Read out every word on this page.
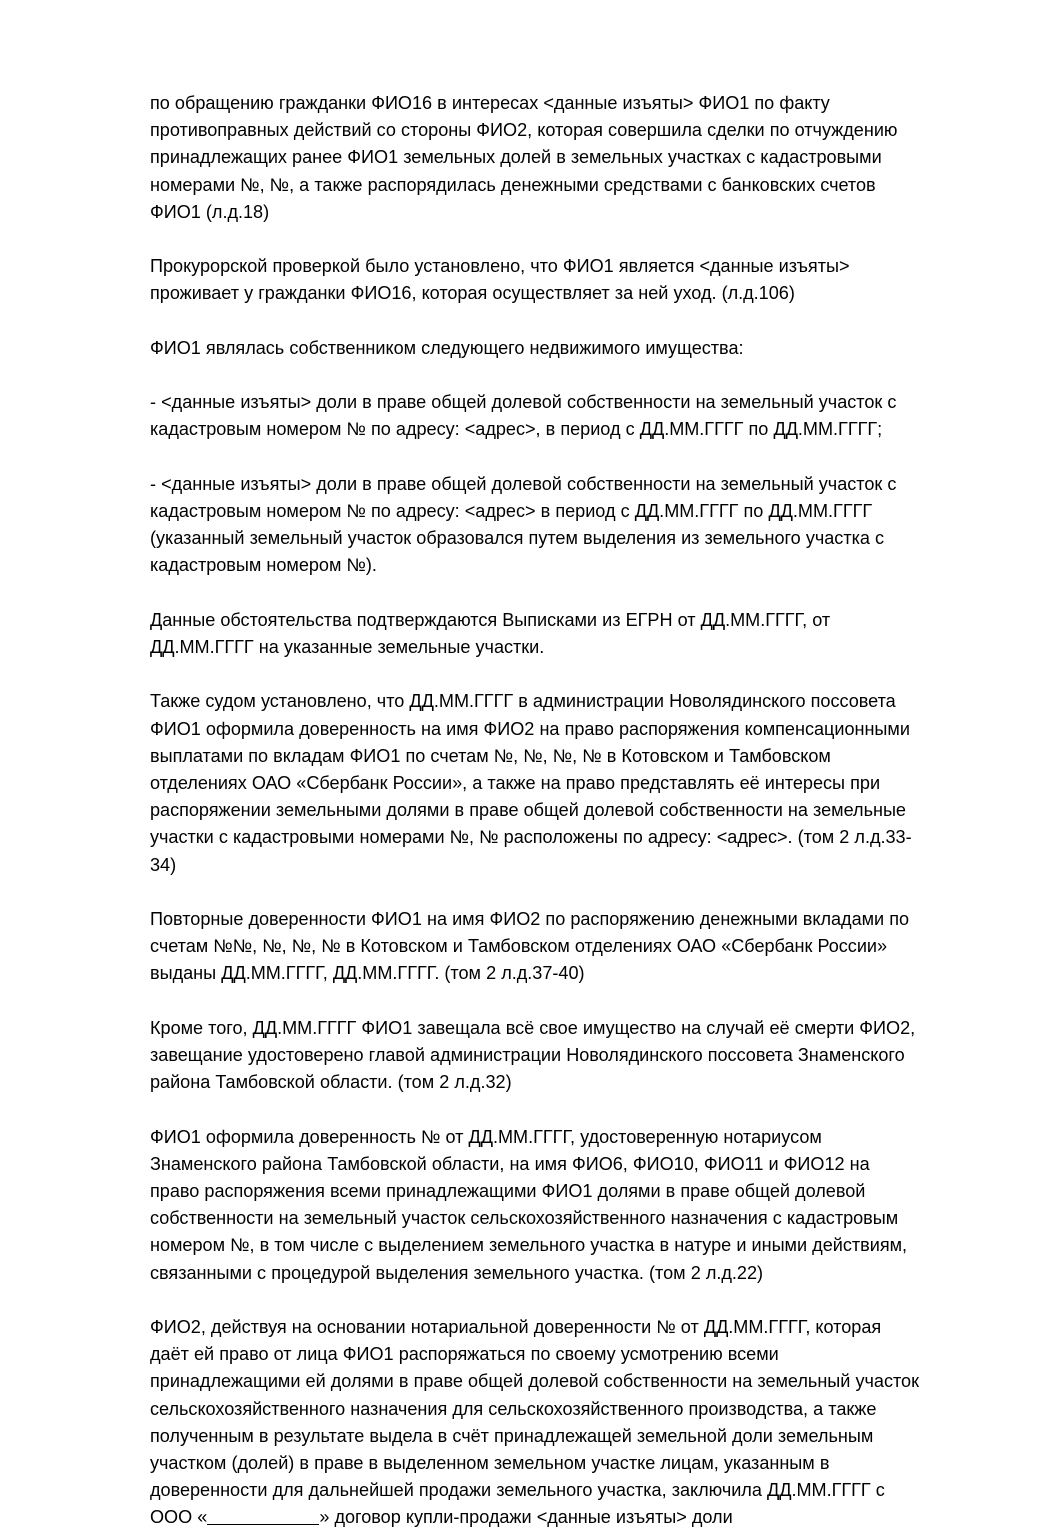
по обращению гражданки ФИО16 в интересах <данные изъяты> ФИО1 по факту противоправных действий со стороны ФИО2, которая совершила сделки по отчуждению принадлежащих ранее ФИО1 земельных долей в земельных участках с кадастровыми номерами №, №, а также распорядилась денежными средствами с банковских счетов ФИО1 (л.д.18)

Прокурорской проверкой было установлено, что ФИО1 является <данные изъяты> проживает у гражданки ФИО16, которая осуществляет за ней уход. (л.д.106)

ФИО1 являлась собственником следующего недвижимого имущества:

- <данные изъяты> доли в праве общей долевой собственности на земельный участок с кадастровым номером № по адресу: <адрес>, в период с ДД.ММ.ГГГГ по ДД.ММ.ГГГГ;

- <данные изъяты> доли в праве общей долевой собственности на земельный участок с кадастровым номером № по адресу: <адрес> в период с ДД.ММ.ГГГГ по ДД.ММ.ГГГГ (указанный земельный участок образовался путем выделения из земельного участка с кадастровым номером №).

Данные обстоятельства подтверждаются Выписками из ЕГРН от ДД.ММ.ГГГГ, от ДД.ММ.ГГГГ на указанные земельные участки.

Также судом установлено, что ДД.ММ.ГГГГ в администрации Новолядинского поссовета ФИО1 оформила доверенность на имя ФИО2 на право распоряжения компенсационными выплатами по вкладам ФИО1 по счетам №, №, №, № в Котовском и Тамбовском отделениях ОАО «Сбербанк России», а также на право представлять её интересы при распоряжении земельными долями в праве общей долевой собственности на земельные участки с кадастровыми номерами №, № расположены по адресу: <адрес>. (том 2 л.д.33-34)

Повторные доверенности ФИО1 на имя ФИО2 по распоряжению денежными вкладами по счетам №№, №, №, № в Котовском и Тамбовском отделениях ОАО «Сбербанк России» выданы ДД.ММ.ГГГГ, ДД.ММ.ГГГГ. (том 2 л.д.37-40)

Кроме того, ДД.ММ.ГГГГ ФИО1 завещала всё свое имущество на случай её смерти ФИО2, завещание удостоверено главой администрации Новолядинского поссовета Знаменского района Тамбовской области. (том 2 л.д.32)

ФИО1 оформила доверенность № от ДД.ММ.ГГГГ, удостоверенную нотариусом Знаменского района Тамбовской области, на имя ФИО6, ФИО10, ФИО11 и ФИО12 на право распоряжения всеми принадлежащими ФИО1 долями в праве общей долевой собственности на земельный участок сельскохозяйственного назначения с кадастровым номером №, в том числе с выделением земельного участка в натуре и иными действиям, связанными с процедурой выделения земельного участка. (том 2 л.д.22)

ФИО2, действуя на основании нотариальной доверенности № от ДД.ММ.ГГГГ, которая даёт ей право от лица ФИО1 распоряжаться по своему усмотрению всеми принадлежащими ей долями в праве общей долевой собственности на земельный участок сельскохозяйственного назначения для сельскохозяйственного производства, а также полученным в результате выдела в счёт принадлежащей земельной доли земельным участком (долей) в праве в выделенном земельном участке лицам, указанным в доверенности для дальнейшей продажи земельного участка, заключила ДД.ММ.ГГГГ с ООО «	» договор купли-продажи <данные изъяты> доли
